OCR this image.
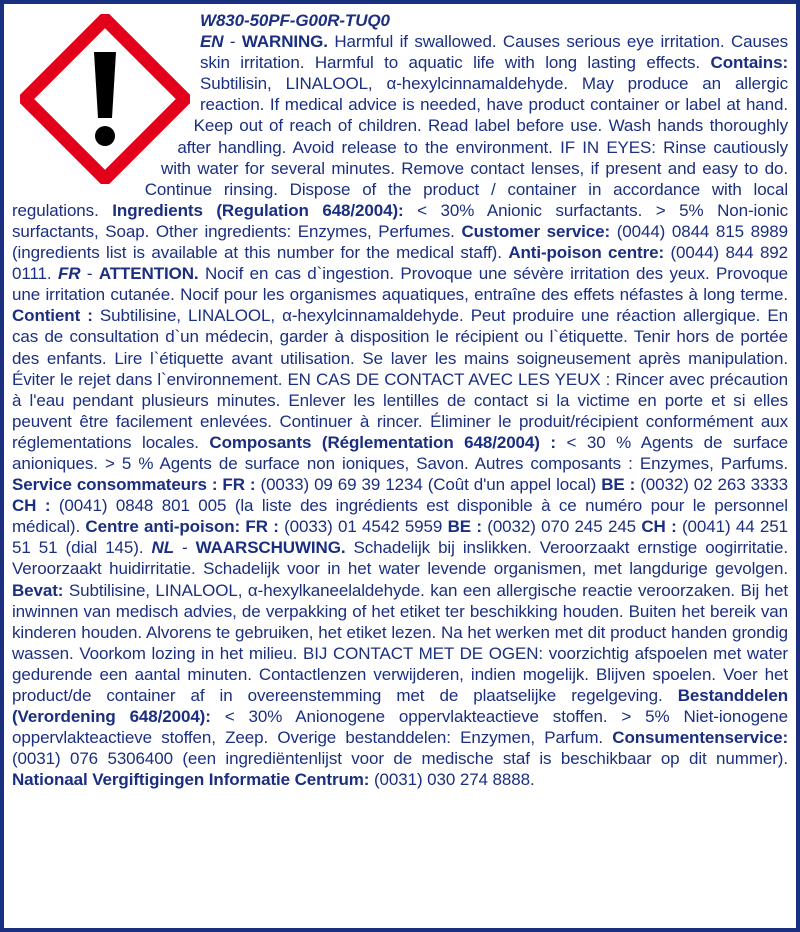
W830-50PF-G00R-TUQ0

EN - WARNING. Harmful if swallowed. Causes serious eye irritation. Causes skin irritation. Harmful to aquatic life with long lasting effects. Contains: Subtilisin, LINALOOL, α-hexylcinnamaldehyde. May produce an allergic reaction. If medical advice is needed, have product container or label at hand. Keep out of reach of children. Read label before use. Wash hands thoroughly after handling. Avoid release to the environment. IF IN EYES: Rinse cautiously with water for several minutes. Remove contact lenses, if present and easy to do. Continue rinsing. Dispose of the product / container in accordance with local regulations. Ingredients (Regulation 648/2004): < 30% Anionic surfactants. > 5% Non-ionic surfactants, Soap. Other ingredients: Enzymes, Perfumes. Customer service: (0044) 0844 815 8989 (ingredients list is available at this number for the medical staff). Anti-poison centre: (0044) 844 892 0111. FR - ATTENTION. Nocif en cas d`ingestion. Provoque une sévère irritation des yeux. Provoque une irritation cutanée. Nocif pour les organismes aquatiques, entraîne des effets néfastes à long terme. Contient : Subtilisine, LINALOOL, α-hexylcinnamaldehyde. Peut produire une réaction allergique. En cas de consultation d`un médecin, garder à disposition le récipient ou l`étiquette. Tenir hors de portée des enfants. Lire l`étiquette avant utilisation. Se laver les mains soigneusement après manipulation. Éviter le rejet dans l`environnement. EN CAS DE CONTACT AVEC LES YEUX : Rincer avec précaution à l'eau pendant plusieurs minutes. Enlever les lentilles de contact si la victime en porte et si elles peuvent être facilement enlevées. Continuer à rincer. Éliminer le produit/récipient conformément aux réglementations locales. Composants (Réglementation 648/2004) : < 30 % Agents de surface anioniques. > 5 % Agents de surface non ioniques, Savon. Autres composants : Enzymes, Parfums. Service consommateurs : FR : (0033) 09 69 39 1234 (Coût d'un appel local) BE : (0032) 02 263 3333 CH : (0041) 0848 801 005 (la liste des ingrédients est disponible à ce numéro pour le personnel médical). Centre anti-poison: FR : (0033) 01 4542 5959 BE : (0032) 070 245 245 CH : (0041) 44 251 51 51 (dial 145). NL - WAARSCHUWING. Schadelijk bij inslikken. Veroorzaakt ernstige oogirritatie. Veroorzaakt huidirritatie. Schadelijk voor in het water levende organismen, met langdurige gevolgen. Bevat: Subtilisine, LINALOOL, α-hexylkaneelaldehyde. kan een allergische reactie veroorzaken. Bij het inwinnen van medisch advies, de verpakking of het etiket ter beschikking houden. Buiten het bereik van kinderen houden. Alvorens te gebruiken, het etiket lezen. Na het werken met dit product handen grondig wassen. Voorkom lozing in het milieu. BIJ CONTACT MET DE OGEN: voorzichtig afspoelen met water gedurende een aantal minuten. Contactlenzen verwijderen, indien mogelijk. Blijven spoelen. Voer het product/de container af in overeenstemming met de plaatselijke regelgeving. Bestanddelen (Verordening 648/2004): < 30% Anionogene oppervlakteactieve stoffen. > 5% Niet-ionogene oppervlakteactieve stoffen, Zeep. Overige bestanddelen: Enzymen, Parfum. Consumentenservice: (0031) 076 5306400 (een ingrediëntenlijst voor de medische staf is beschikbaar op dit nummer). Nationaal Vergiftigingen Informatie Centrum: (0031) 030 274 8888.
